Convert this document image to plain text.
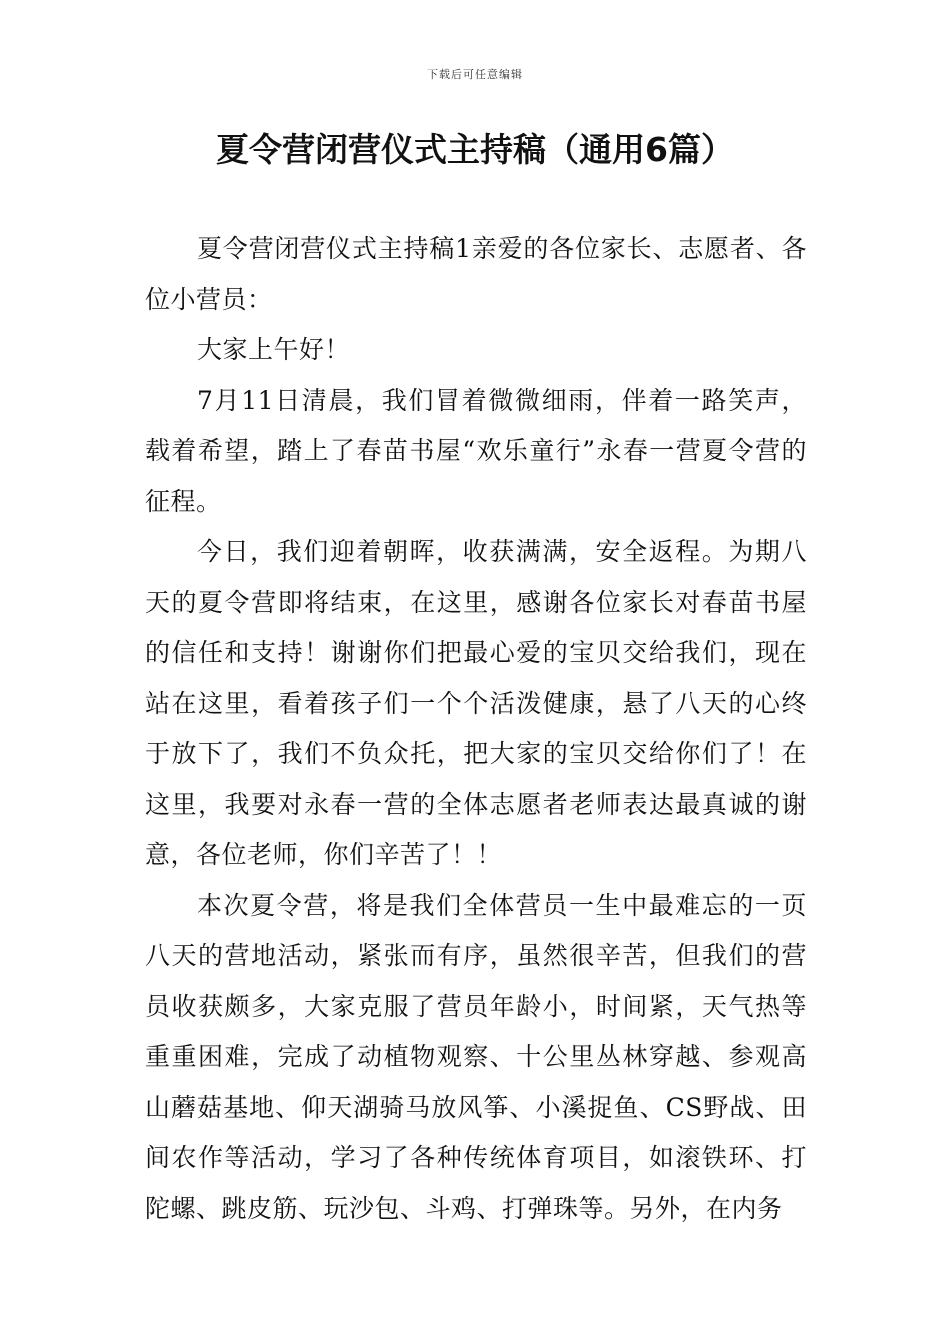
下载后可任意编辑
夏令营闭营仪式主持稿（通用6篇）

夏令营闭营仪式主持稿1亲爱的各位家长、志愿者、各位小营员：

大家上午好！

7月11日清晨，我们冒着微微细雨，伴着一路笑声，载着希望，踏上了春苗书屋“欢乐童行”永春一营夏令营的征程。

今日，我们迎着朝晖，收获满满，安全返程。为期八天的夏令营即将结束，在这里，感谢各位家长对春苗书屋的信任和支持！谢谢你们把最心爱的宝贝交给我们，现在站在这里，看着孩子们一个个活泼健康，悬了八天的心终于放下了，我们不负众托，把大家的宝贝交给你们了！在这里，我要对永春一营的全体志愿者老师表达最真诚的谢意，各位老师，你们辛苦了！！

本次夏令营，将是我们全体营员一生中最难忘的一页八天的营地活动，紧张而有序，虽然很辛苦，但我们的营员收获颇多，大家克服了营员年龄小，时间紧，天气热等重重困难，完成了动植物观察、十公里丛林穿越、参观高山蘑菇基地、仰天湖骑马放风筝、小溪捉鱼、CS野战、田间农作等活动，学习了各种传统体育项目，如滚铁环、打陀螺、跳皮筋、玩沙包、斗鸡、打弹珠等。另外，在内务
